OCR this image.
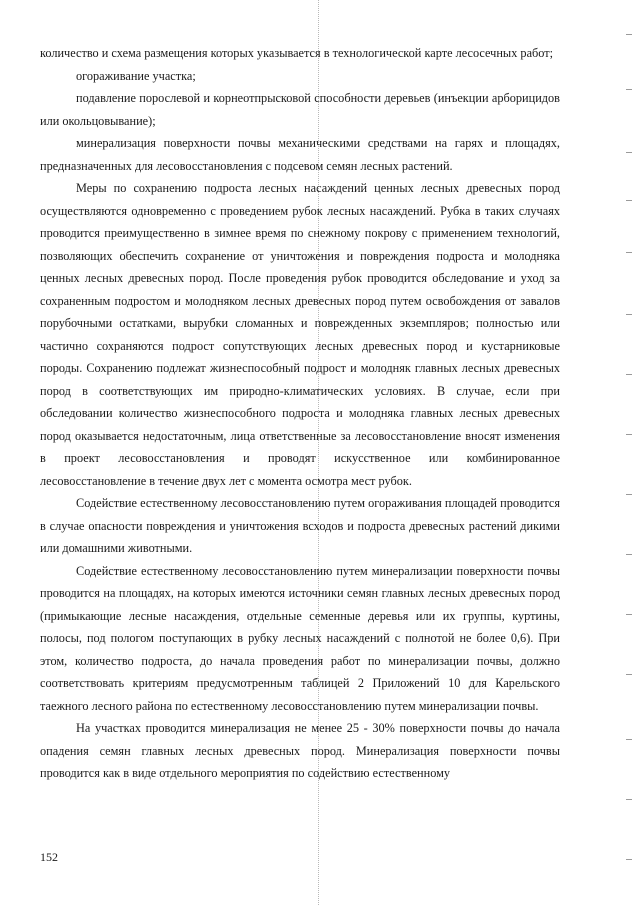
количество и схема размещения которых указывается в технологической карте лесосечных работ;

огораживание участка;

подавление порослевой и корнеотпрысковой способности деревьев (инъекции арборицидов или окольцовывание);

минерализация поверхности почвы механическими средствами на гарях и площадях, предназначенных для лесовосстановления с подсевом семян лесных растений.

Меры по сохранению подроста лесных насаждений ценных лесных древесных пород осуществляются одновременно с проведением рубок лесных насаждений. Рубка в таких случаях проводится преимущественно в зимнее время по снежному покрову с применением технологий, позволяющих обеспечить сохранение от уничтожения и повреждения подроста и молодняка ценных лесных древесных пород. После проведения рубок проводится обследование и уход за сохраненным подростом и молодняком лесных древесных пород путем освобождения от завалов порубочными остатками, вырубки сломанных и поврежденных экземпляров; полностью или частично сохраняются подрост сопутствующих лесных древесных пород и кустарниковые породы. Сохранению подлежат жизнеспособный подрост и молодняк главных лесных древесных пород в соответствующих им природно-климатических условиях. В случае, если при обследовании количество жизнеспособного подроста и молодняка главных лесных древесных пород оказывается недостаточным, лица ответственные за лесовосстановление вносят изменения в проект лесовосстановления и проводят искусственное или комбинированное лесовосстановление в течение двух лет с момента осмотра мест рубок.

Содействие естественному лесовосстановлению путем огораживания площадей проводится в случае опасности повреждения и уничтожения всходов и подроста древесных растений дикими или домашними животными.

Содействие естественному лесовосстановлению путем минерализации поверхности почвы проводится на площадях, на которых имеются источники семян главных лесных древесных пород (примыкающие лесные насаждения, отдельные семенные деревья или их группы, куртины, полосы, под пологом поступающих в рубку лесных насаждений с полнотой не более 0,6). При этом, количество подроста, до начала проведения работ по минерализации почвы, должно соответствовать критериям предусмотренным таблицей 2 Приложений 10 для Карельского таежного лесного района по естественному лесовосстановлению путем минерализации почвы.

На участках проводится минерализация не менее 25 - 30% поверхности почвы до начала опадения семян главных лесных древесных пород. Минерализация поверхности почвы проводится как в виде отдельного мероприятия по содействию естественному

152
